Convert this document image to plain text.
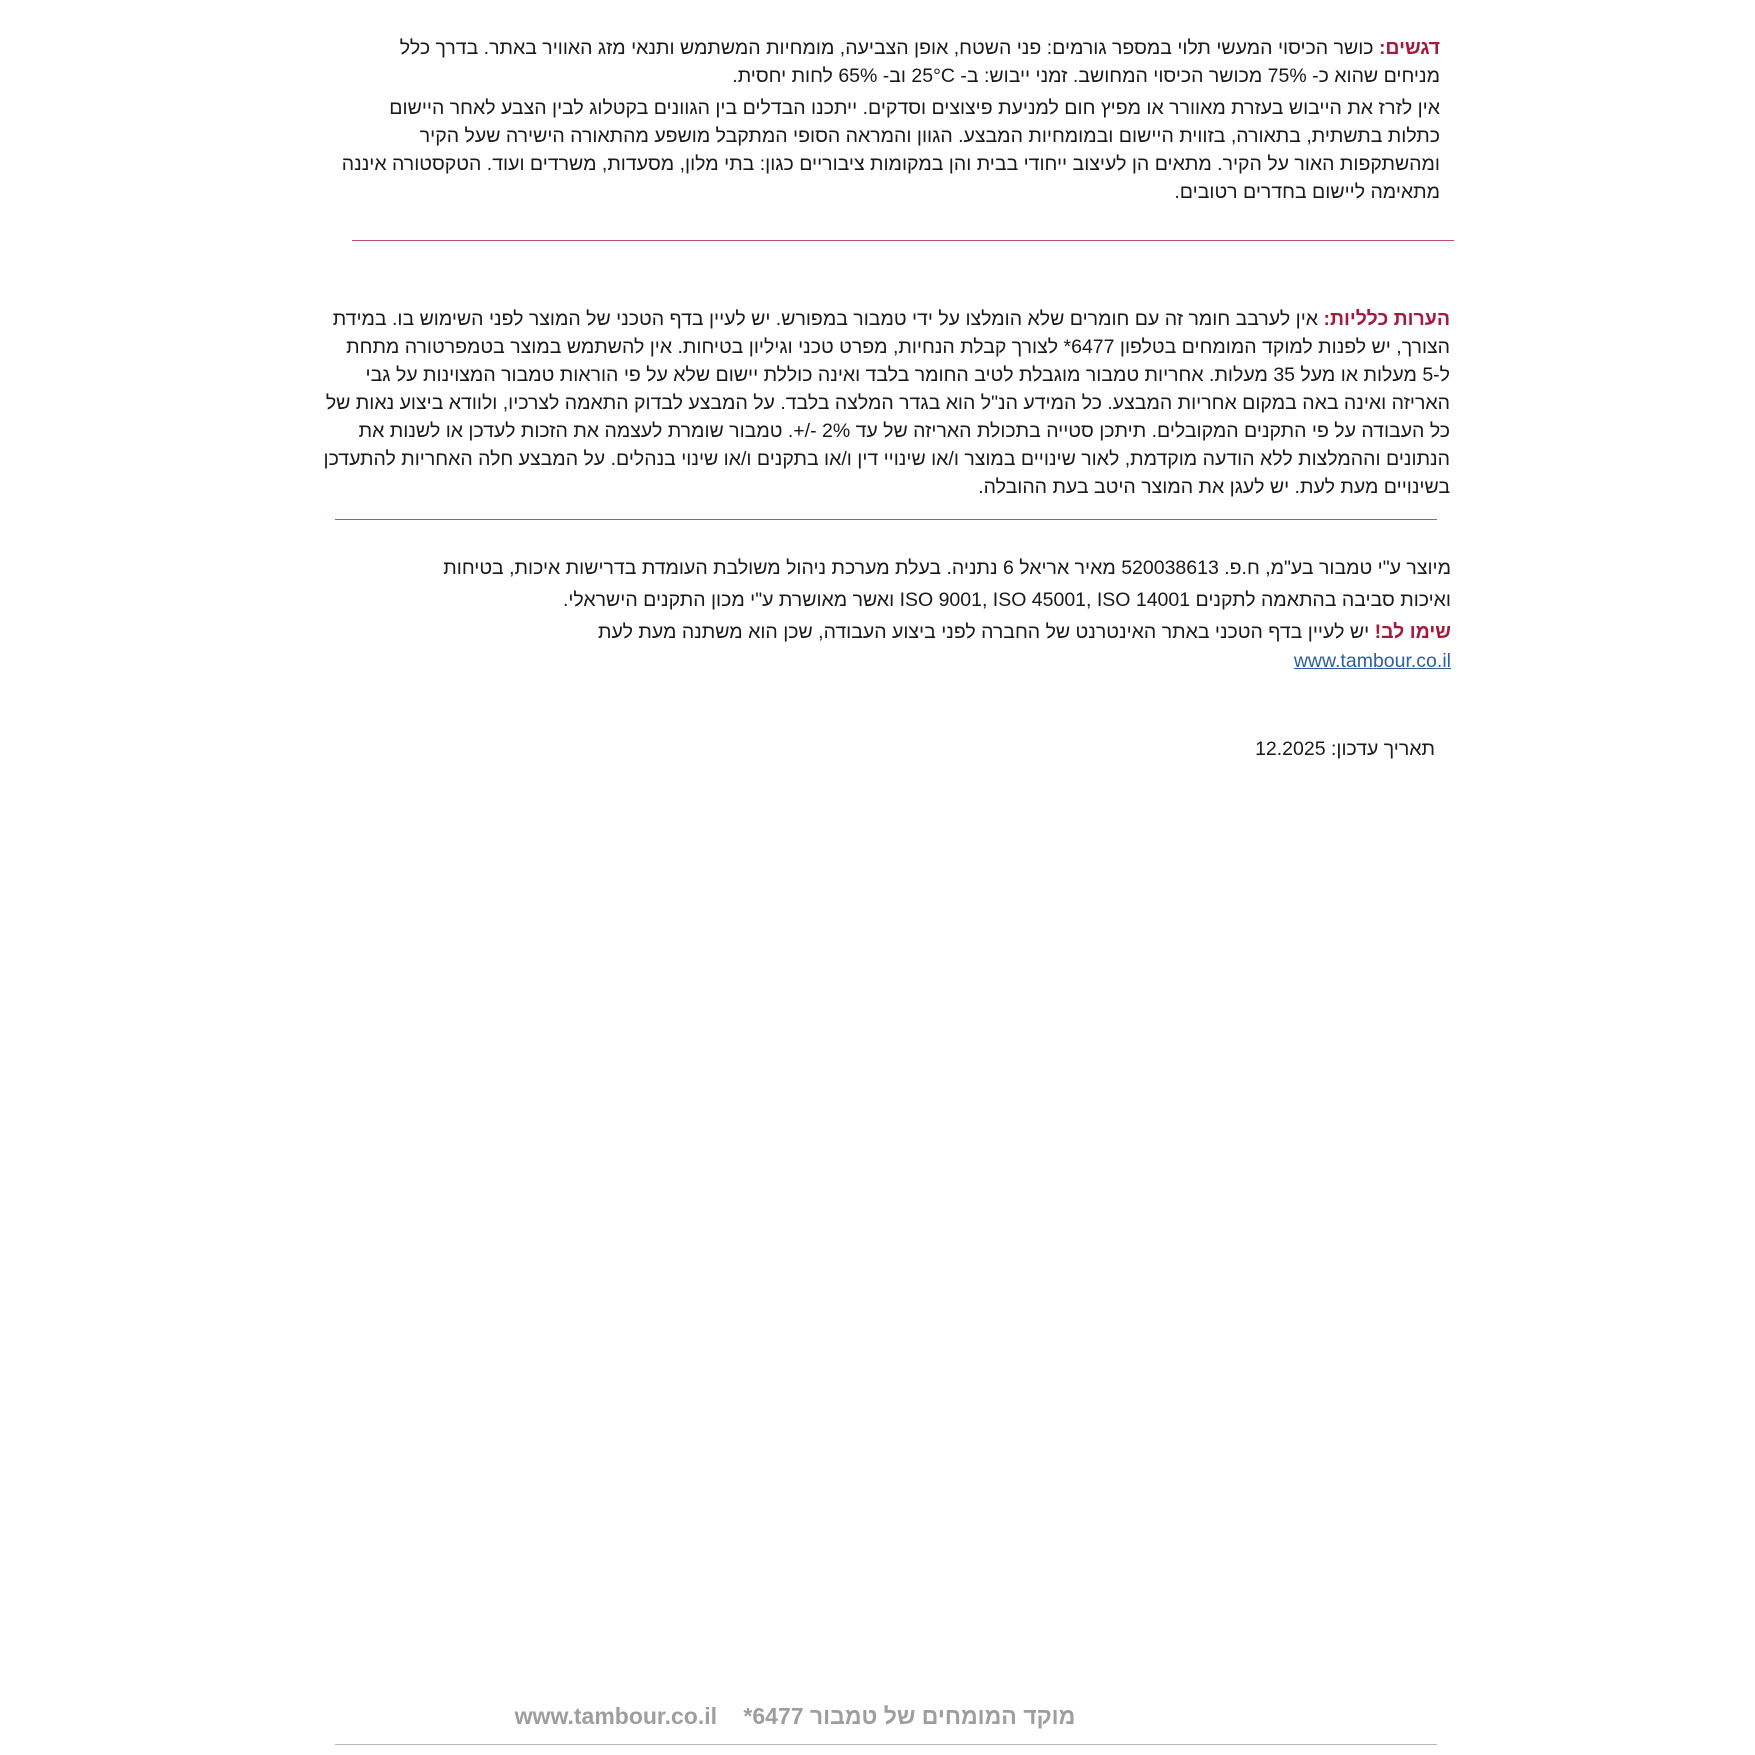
דגשים: כושר הכיסוי המעשי תלוי במספר גורמים: פני השטח, אופן הצביעה, מומחיות המשתמש ותנאי מזג האוויר באתר. בדרך כלל מניחים שהוא כ- 75% מכושר הכיסוי המחושב. זמני ייבוש: ב- 25°C וב- 65% לחות יחסית.

אין לזרז את הייבוש בעזרת מאוורר או מפיץ חום למניעת פיצוצים וסדקים. ייתכנו הבדלים בין הגוונים בקטלוג לבין הצבע לאחר היישום כתלות בתשתית, בתאורה, בזווית היישום ובמומחיות המבצע. הגוון והמראה הסופי המתקבל מושפע מהתאורה הישירה שעל הקיר ומהשתקפות האור על הקיר. מתאים הן לעיצוב ייחודי בבית והן במקומות ציבוריים כגון: בתי מלון, מסעדות, משרדים ועוד. הטקסטורה איננה מתאימה ליישום בחדרים רטובים.

הערות כלליות: אין לערבב חומר זה עם חומרים שלא הומלצו על ידי טמבור במפורש. יש לעיין בדף הטכני של המוצר לפני השימוש בו. במידת הצורך, יש לפנות למוקד המומחים בטלפון 6477* לצורך קבלת הנחיות, מפרט טכני וגיליון בטיחות. אין להשתמש במוצר בטמפרטורה מתחת ל-5 מעלות או מעל 35 מעלות. אחריות טמבור מוגבלת לטיב החומר בלבד ואינה כוללת יישום שלא על פי הוראות טמבור המצוינות על גבי האריזה ואינה באה במקום אחריות המבצע. כל המידע הנ"ל הוא בגדר המלצה בלבד. על המבצע לבדוק התאמה לצרכיו, ולוודא ביצוע נאות של כל העבודה על פי התקנים המקובלים. תיתכן סטייה בתכולת האריזה של עד 2% -/+. טמבור שומרת לעצמה את הזכות לעדכן או לשנות את הנתונים וההמלצות ללא הודעה מוקדמת, לאור שינויים במוצר ו/או שינויי דין ו/או בתקנים ו/או שינוי בנהלים. על המבצע חלה האחריות להתעדכן בשינויים מעת לעת. יש לעגן את המוצר היטב בעת ההובלה.

מיוצר ע"י טמבור בע"מ, ח.פ. 520038613 מאיר אריאל 6 נתניה. בעלת מערכת ניהול משולבת העומדת בדרישות איכות, בטיחות ואיכות סביבה בהתאמה לתקנים ISO 9001, ISO 45001, ISO 14001 ואשר מאושרת ע"י מכון התקנים הישראלי.

שימו לב! יש לעיין בדף הטכני באתר האינטרנט של החברה לפני ביצוע העבודה, שכן הוא משתנה מעת לעת

www.tambour.co.il

תאריך עדכון: 12.2025
מוקד המומחים של טמבור 6477* www.tambour.co.il
